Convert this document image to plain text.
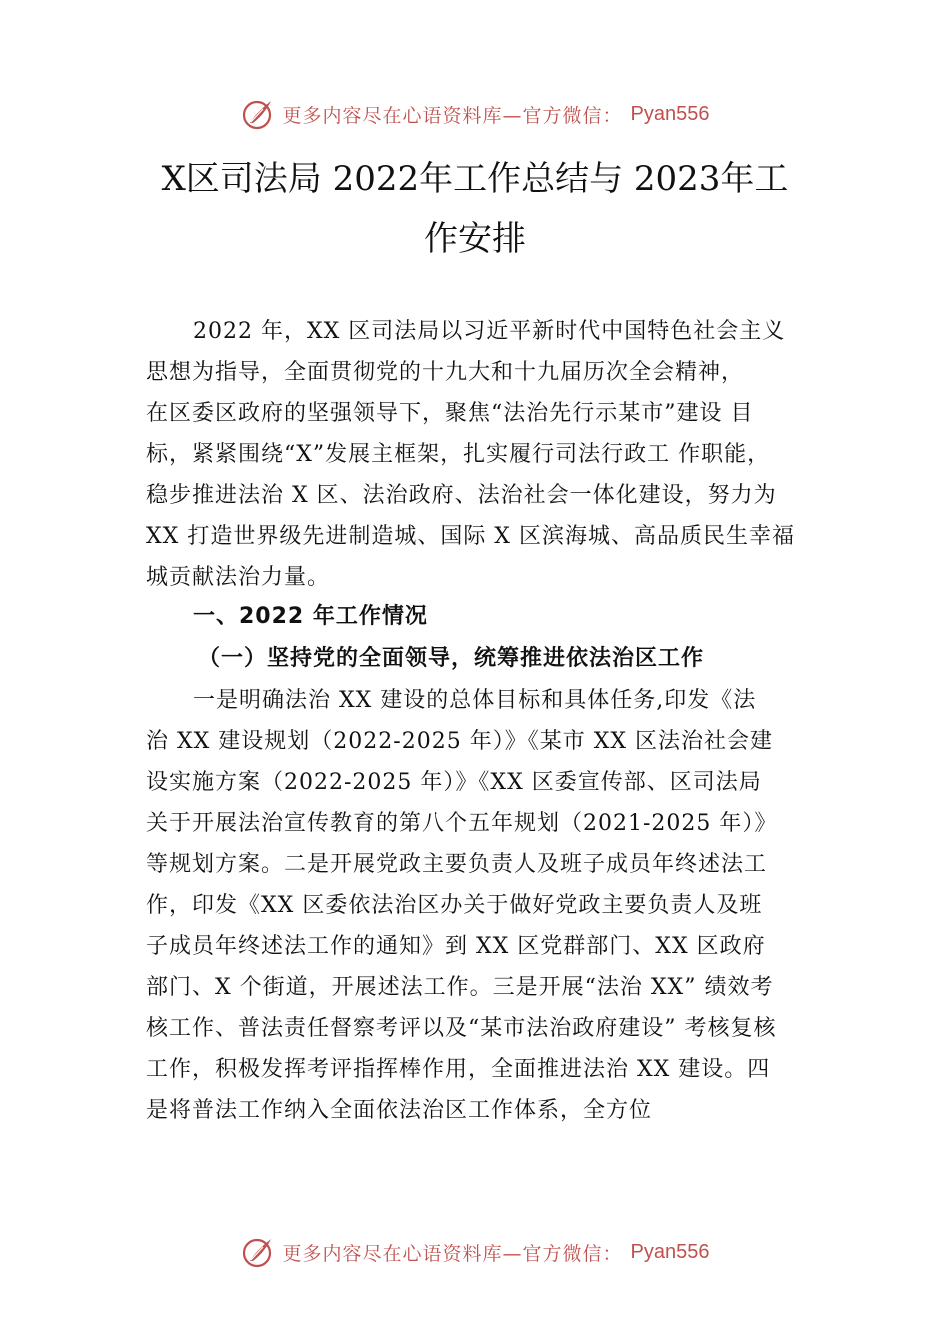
更多内容尽在心语资料库—官方微信： Pyan556
X区司法局 2022年工作总结与 2023年工
作安排
2022 年，XX 区司法局以习近平新时代中国特色社会主义
思想为指导，全面贯彻党的十九大和十九届历次全会精神，
在区委区政府的坚强领导下，聚焦“法治先行示某市”建设 目
标，紧紧围绕“X”发展主框架，扎实履行司法行政工 作职能，
稳步推进法治 X 区、法治政府、法治社会一体化建设，努力为
XX 打造世界级先进制造城、国际 X 区滨海城、高品质民生幸福
城贡献法治力量。
一、2022 年工作情况
（一）坚持党的全面领导，统筹推进依法治区工作
一是明确法治 XX 建设的总体目标和具体任务,印发《法
治 XX 建设规划（2022-2025 年）》《某市 XX 区法治社会建
设实施方案（2022-2025 年）》《XX 区委宣传部、区司法局
关于开展法治宣传教育的第八个五年规划（2021-2025 年）》
等规划方案。二是开展党政主要负责人及班子成员年终述法工
作，印发《XX 区委依法治区办关于做好党政主要负责人及班
子成员年终述法工作的通知》到 XX 区党群部门、XX 区政府
部门、X 个街道，开展述法工作。三是开展“法治 XX” 绩效考
核工作、普法责任督察考评以及“某市法治政府建设” 考核复核
工作，积极发挥考评指挥棒作用，全面推进法治 XX 建设。四
是将普法工作纳入全面依法治区工作体系，全方位
更多内容尽在心语资料库—官方微信： Pyan556
